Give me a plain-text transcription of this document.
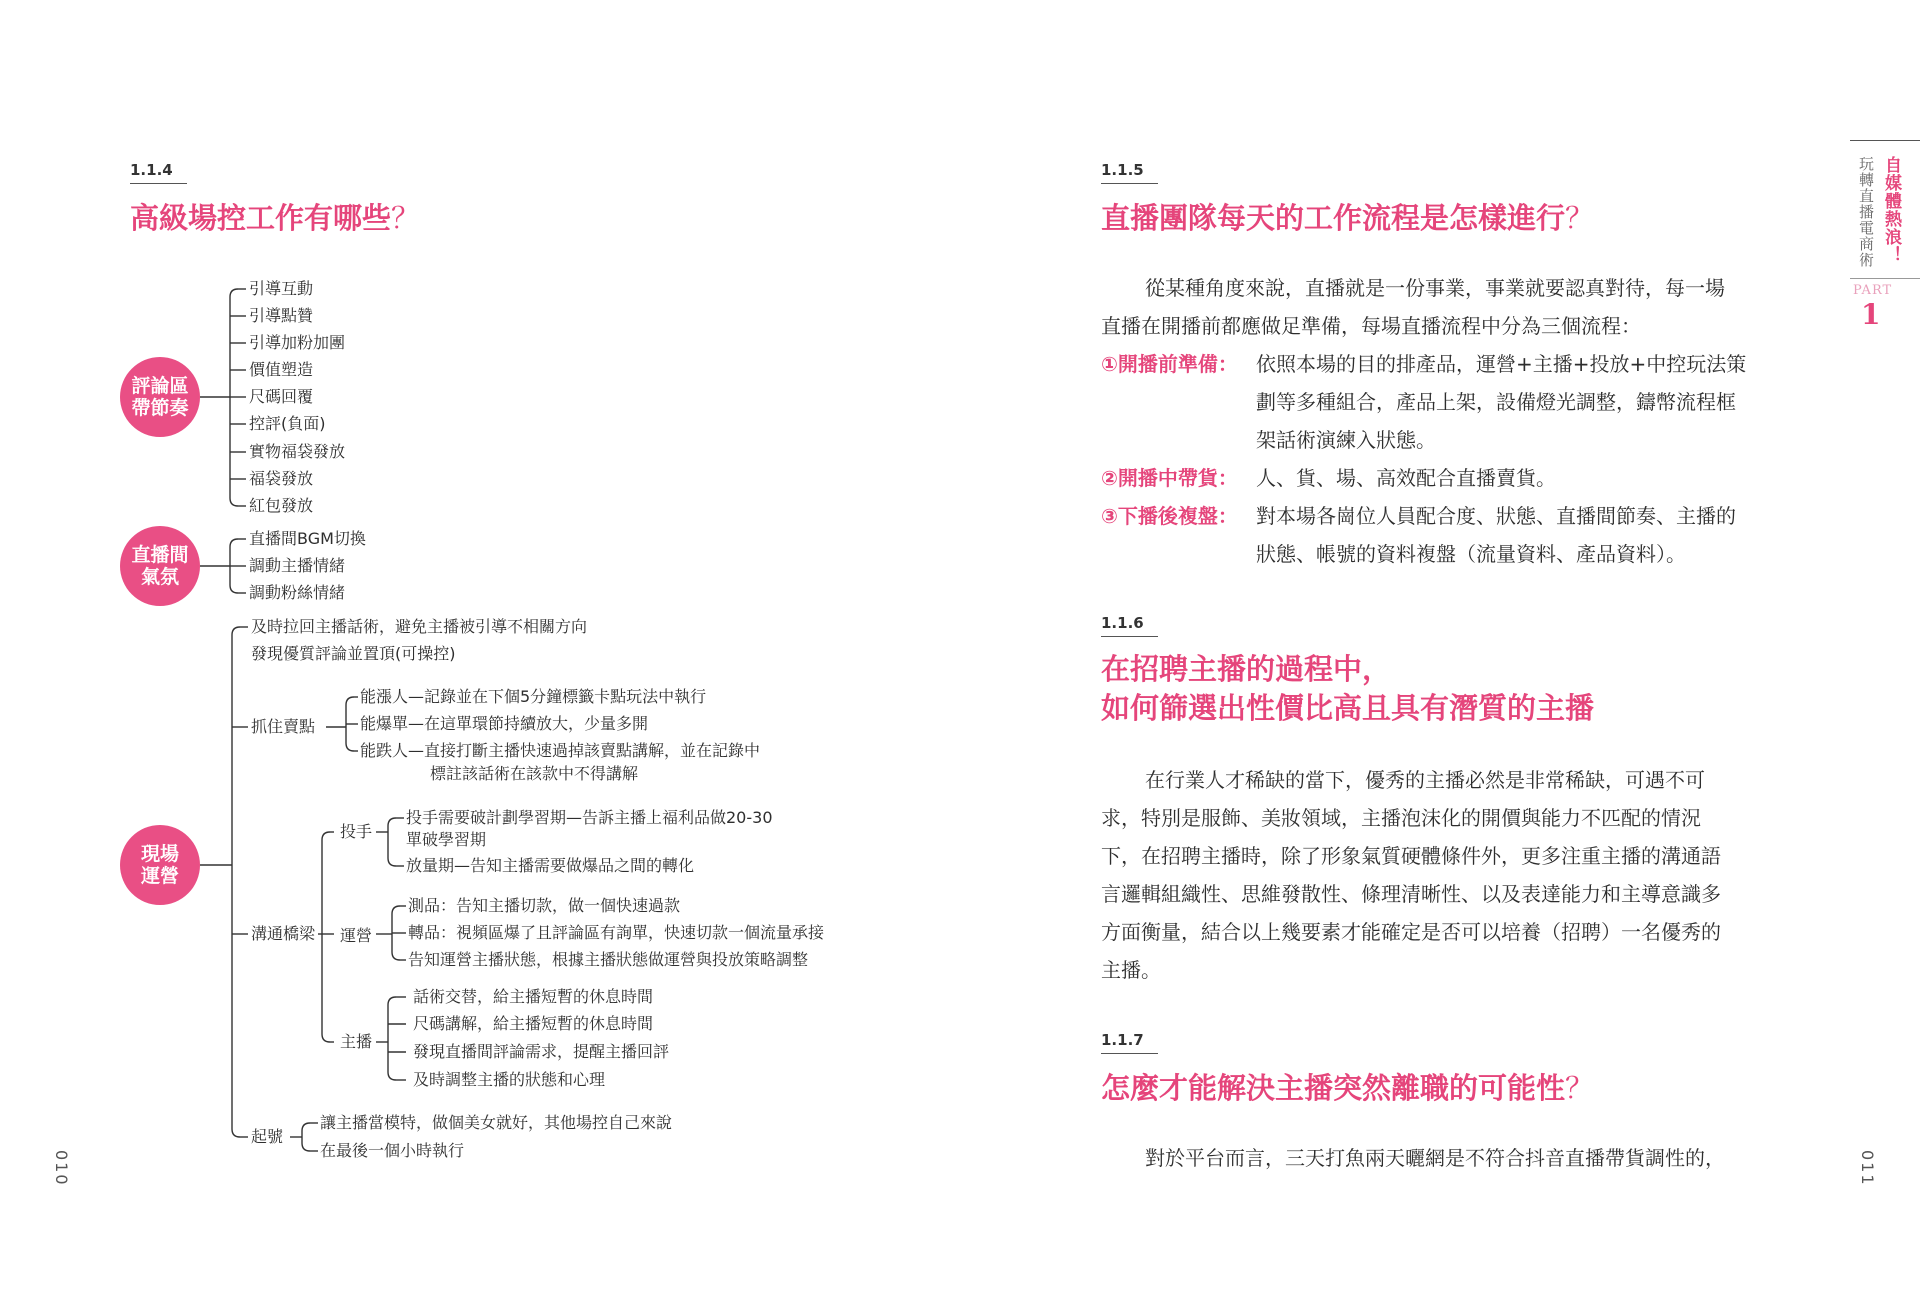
1.1.4
高級場控工作有哪些？
評論區
帶節奏
直播間
氣氛
現場
運營
引導互動
引導點贊
引導加粉加團
價值塑造
尺碼回覆
控評(負面)
實物福袋發放
福袋發放
紅包發放
直播間BGM切換
調動主播情緒
調動粉絲情緒
及時拉回主播話術，避免主播被引導不相關方向
發現優質評論並置頂(可操控)
抓住賣點
能漲人—記錄並在下個5分鐘標籤卡點玩法中執行
能爆單—在這單環節持續放大，少量多開
能跌人—直接打斷主播快速過掉該賣點講解，並在記錄中
標註該話術在該款中不得講解
溝通橋梁
投手
投手需要破計劃學習期—告訴主播上福利品做20-30
單破學習期
放量期—告知主播需要做爆品之間的轉化
運營
測品：告知主播切款，做一個快速過款
轉品：視頻區爆了且評論區有詢單，快速切款一個流量承接
告知運營主播狀態，根據主播狀態做運營與投放策略調整
主播
話術交替，給主播短暫的休息時間
尺碼講解，給主播短暫的休息時間
發現直播間評論需求，提醒主播回評
及時調整主播的狀態和心理
起號
讓主播當模特，做個美女就好，其他場控自己來說
在最後一個小時執行
010
1.1.5
直播團隊每天的工作流程是怎樣進行？
從某種角度來說，直播就是一份事業，事業就要認真對待，每一場
直播在開播前都應做足準備，每場直播流程中分為三個流程：
①開播前準備： 依照本場的目的排產品，運營+主播+投放+中控玩法策
劃等多種組合，產品上架，設備燈光調整，鑄幣流程框
架話術演練入狀態。
②開播中帶貨： 人、貨、場、高效配合直播賣貨。
③下播後複盤： 對本場各崗位人員配合度、狀態、直播間節奏、主播的
狀態、帳號的資料複盤（流量資料、產品資料）。
1.1.6
在招聘主播的過程中，
如何篩選出性價比高且具有潛質的主播
在行業人才稀缺的當下，優秀的主播必然是非常稀缺，可遇不可
求，特別是服飾、美妝領域，主播泡沫化的開價與能力不匹配的情況
下，在招聘主播時，除了形象氣質硬體條件外，更多注重主播的溝通語
言邏輯組織性、思維發散性、條理清晰性、以及表達能力和主導意識多
方面衡量，結合以上幾要素才能確定是否可以培養（招聘）一名優秀的
主播。
1.1.7
怎麼才能解決主播突然離職的可能性？
對於平台而言，三天打魚兩天曬網是不符合抖音直播帶貨調性的，
自媒體熱浪！
玩轉直播電商術
PART
1
011
